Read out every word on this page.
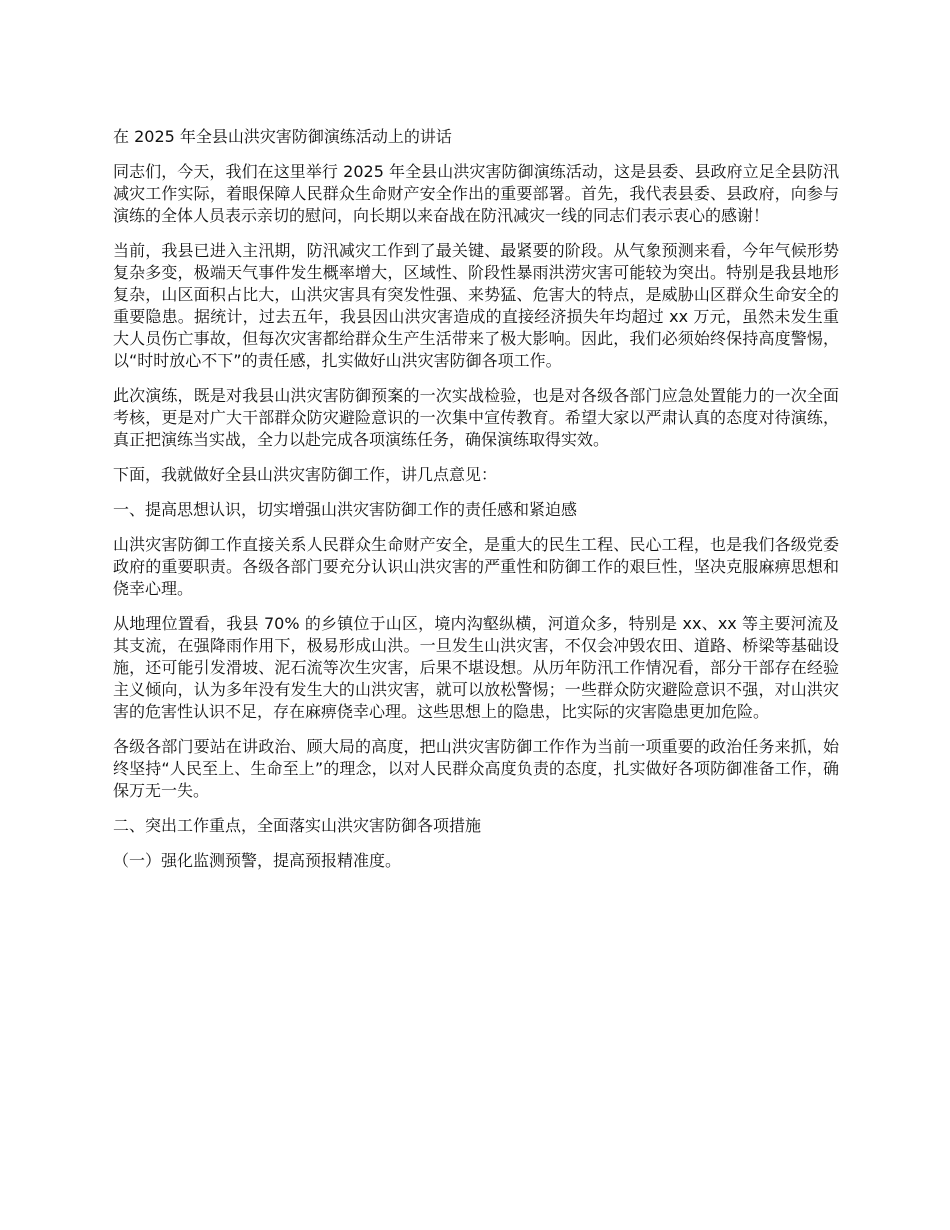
在 2025 年全县山洪灾害防御演练活动上的讲话

同志们，今天，我们在这里举行 2025 年全县山洪灾害防御演练活动，这是县委、县政府立足全县防汛减灾工作实际，着眼保障人民群众生命财产安全作出的重要部署。首先，我代表县委、县政府，向参与演练的全体人员表示亲切的慰问，向长期以来奋战在防汛减灾一线的同志们表示衷心的感谢！

当前，我县已进入主汛期，防汛减灾工作到了最关键、最紧要的阶段。从气象预测来看，今年气候形势复杂多变，极端天气事件发生概率增大，区域性、阶段性暴雨洪涝灾害可能较为突出。特别是我县地形复杂，山区面积占比大，山洪灾害具有突发性强、来势猛、危害大的特点，是威胁山区群众生命安全的重要隐患。据统计，过去五年，我县因山洪灾害造成的直接经济损失年均超过 xx 万元，虽然未发生重大人员伤亡事故，但每次灾害都给群众生产生活带来了极大影响。因此，我们必须始终保持高度警惕，以“时时放心不下”的责任感，扎实做好山洪灾害防御各项工作。

此次演练，既是对我县山洪灾害防御预案的一次实战检验，也是对各级各部门应急处置能力的一次全面考核，更是对广大干部群众防灾避险意识的一次集中宣传教育。希望大家以严肃认真的态度对待演练，真正把演练当实战，全力以赴完成各项演练任务，确保演练取得实效。

下面，我就做好全县山洪灾害防御工作，讲几点意见：

一、提高思想认识，切实增强山洪灾害防御工作的责任感和紧迫感

山洪灾害防御工作直接关系人民群众生命财产安全，是重大的民生工程、民心工程，也是我们各级党委政府的重要职责。各级各部门要充分认识山洪灾害的严重性和防御工作的艰巨性，坚决克服麻痹思想和侥幸心理。

从地理位置看，我县 70% 的乡镇位于山区，境内沟壑纵横，河道众多，特别是 xx、xx 等主要河流及其支流，在强降雨作用下，极易形成山洪。一旦发生山洪灾害，不仅会冲毁农田、道路、桥梁等基础设施，还可能引发滑坡、泥石流等次生灾害，后果不堪设想。从历年防汛工作情况看，部分干部存在经验主义倾向，认为多年没有发生大的山洪灾害，就可以放松警惕；一些群众防灾避险意识不强，对山洪灾害的危害性认识不足，存在麻痹侥幸心理。这些思想上的隐患，比实际的灾害隐患更加危险。

各级各部门要站在讲政治、顾大局的高度，把山洪灾害防御工作作为当前一项重要的政治任务来抓，始终坚持“人民至上、生命至上”的理念，以对人民群众高度负责的态度，扎实做好各项防御准备工作，确保万无一失。

二、突出工作重点，全面落实山洪灾害防御各项措施

（一）强化监测预警，提高预报精准度。
